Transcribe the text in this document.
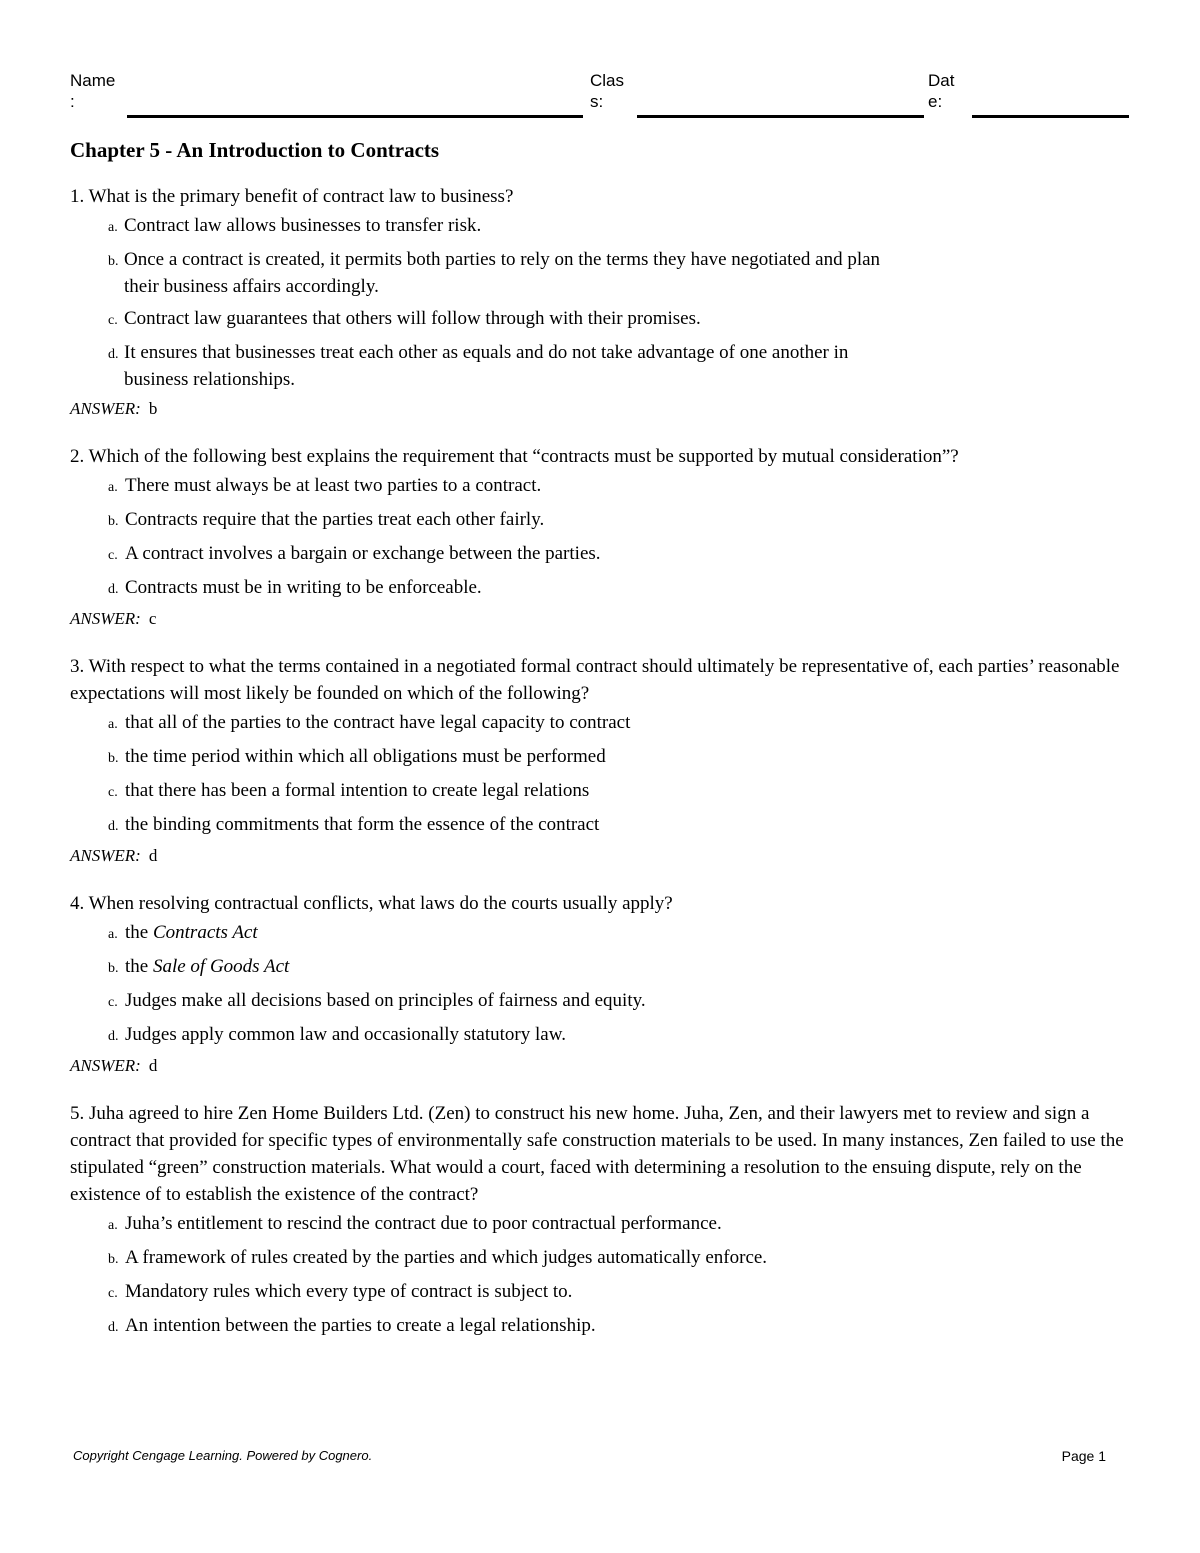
Name
:
Clas
s:
Dat
e:
Chapter 5 - An Introduction to Contracts
1. What is the primary benefit of contract law to business?
a. Contract law allows businesses to transfer risk.
b. Once a contract is created, it permits both parties to rely on the terms they have negotiated and plan their business affairs accordingly.
c. Contract law guarantees that others will follow through with their promises.
d. It ensures that businesses treat each other as equals and do not take advantage of one another in business relationships.
ANSWER: b
2. Which of the following best explains the requirement that “contracts must be supported by mutual consideration”?
a. There must always be at least two parties to a contract.
b. Contracts require that the parties treat each other fairly.
c. A contract involves a bargain or exchange between the parties.
d. Contracts must be in writing to be enforceable.
ANSWER: c
3. With respect to what the terms contained in a negotiated formal contract should ultimately be representative of, each parties’ reasonable expectations will most likely be founded on which of the following?
a. that all of the parties to the contract have legal capacity to contract
b. the time period within which all obligations must be performed
c. that there has been a formal intention to create legal relations
d. the binding commitments that form the essence of the contract
ANSWER: d
4. When resolving contractual conflicts, what laws do the courts usually apply?
a. the Contracts Act
b. the Sale of Goods Act
c. Judges make all decisions based on principles of fairness and equity.
d. Judges apply common law and occasionally statutory law.
ANSWER: d
5. Juha agreed to hire Zen Home Builders Ltd. (Zen) to construct his new home. Juha, Zen, and their lawyers met to review and sign a contract that provided for specific types of environmentally safe construction materials to be used. In many instances, Zen failed to use the stipulated “green” construction materials. What would a court, faced with determining a resolution to the ensuing dispute, rely on the existence of to establish the existence of the contract?
a. Juha’s entitlement to rescind the contract due to poor contractual performance.
b. A framework of rules created by the parties and which judges automatically enforce.
c. Mandatory rules which every type of contract is subject to.
d. An intention between the parties to create a legal relationship.
Copyright Cengage Learning. Powered by Cognero.	Page 1
